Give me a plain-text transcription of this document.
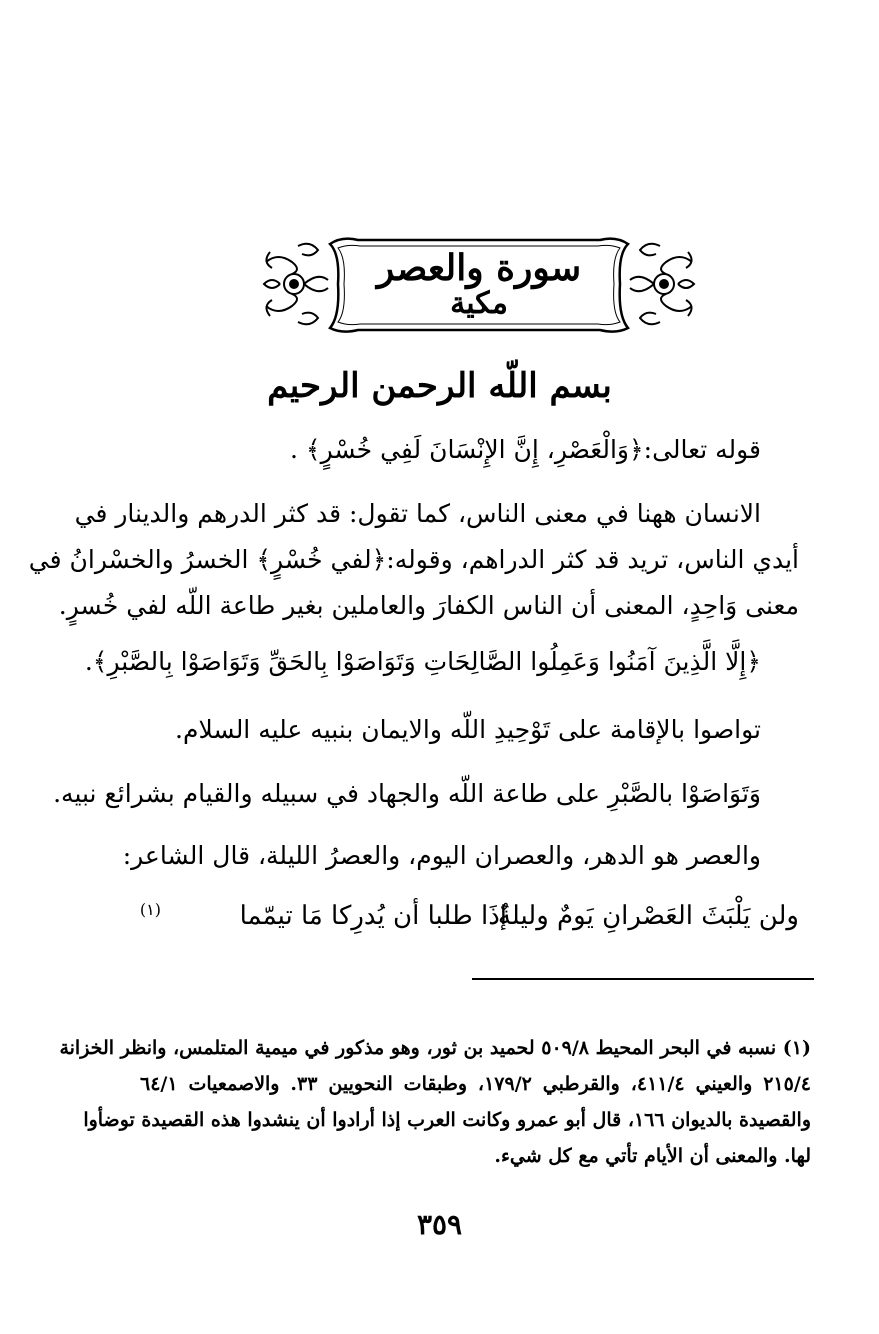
سورة والعصر
مكية
بسم اللّه الرحمن الرحيم
قوله تعالى:﴿وَالْعَصْرِ، إِنَّ الإِنْسَانَ لَفِي خُسْرٍ﴾ .
الانسان ههنا في معنى الناس، كما تقول: قد كثر الدرهم والدينار في
أيدي الناس، تريد قد كثر الدراهم، وقوله:﴿لفي خُسْرٍ﴾ الخسرُ والخسْرانُ في
معنى وَاحِدٍ، المعنى أن الناس الكفارَ والعاملين بغير طاعة اللّه لفي خُسرٍ.
﴿إِلَّا الَّذِينَ آمَنُوا وَعَمِلُوا الصَّالِحَاتِ وَتَوَاصَوْا بِالحَقِّ وَتَوَاصَوْا بِالصَّبْرِ﴾.
تواصوا بالإقامة على تَوْحِيدِ اللّه والايمان بنبيه عليه السلام.
وَتَوَاصَوْا بالصَّبْرِ على طاعة اللّه والجهاد في سبيله والقيام بشرائع نبيه.
والعصر هو الدهر، والعصران اليوم، والعصرُ الليلة، قال الشاعر:
ولن يَلْبَثَ العَصْرانِ يَومٌ وليلةٌ
إذَا طلبا أن يُدرِكا مَا تيمّما
(١)
(١) نسبه في البحر المحيط ٥٠٩/٨ لحميد بن ثور، وهو مذكور في ميمية المتلمس، وانظر الخزانة
٢١٥/٤ والعيني ٤١١/٤، والقرطبي ١٧٩/٢، وطبقات النحويين ٣٣. والاصمعيات ٦٤/١
والقصيدة بالديوان ١٦٦، قال أبو عمرو وكانت العرب إذا أرادوا أن ينشدوا هذه القصيدة توضأوا
لها. والمعنى أن الأيام تأتي مع كل شيء.
٣٥٩
